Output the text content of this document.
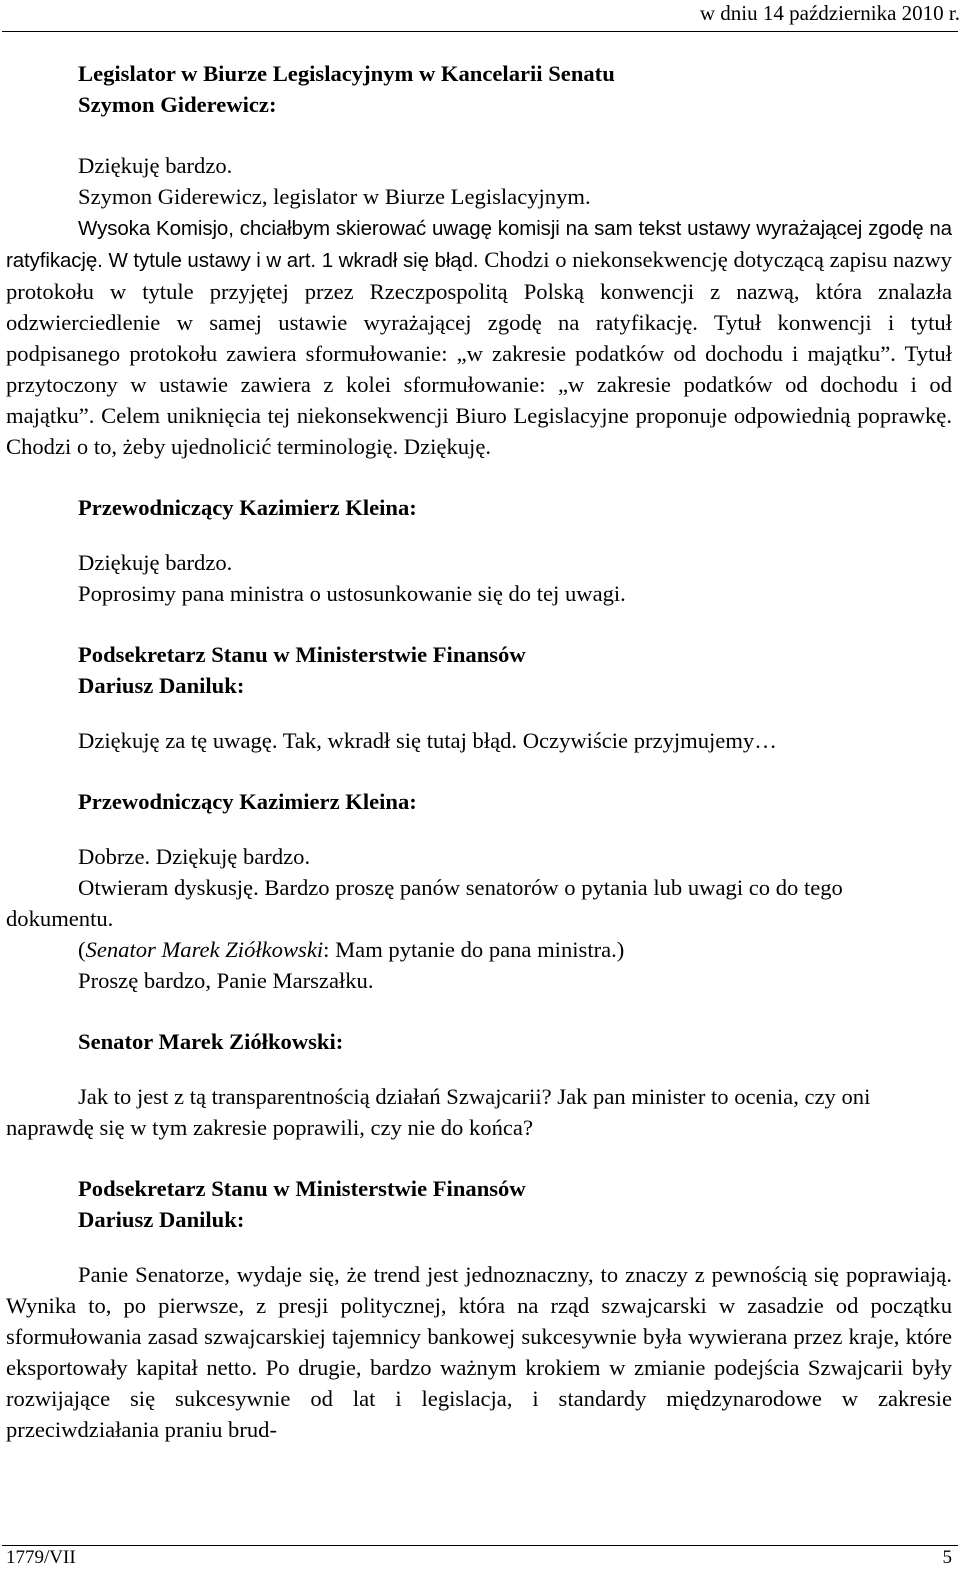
w dniu 14 października 2010 r.
Legislator w Biurze Legislacyjnym w Kancelarii Senatu
Szymon Giderewicz:

Dziękuję bardzo.

Szymon Giderewicz, legislator w Biurze Legislacyjnym.

Wysoka Komisjo, chciałbym skierować uwagę komisji na sam tekst ustawy wyrażającej zgodę na ratyfikację. W tytule ustawy i w art. 1 wkradł się błąd. Chodzi o niekonsekwencję dotyczącą zapisu nazwy protokołu w tytule przyjętej przez Rzeczpospolitą Polską konwencji z nazwą, która znalazła odzwierciedlenie w samej ustawie wyrażającej zgodę na ratyfikację. Tytuł konwencji i tytuł podpisanego protokołu zawiera sformułowanie: „w zakresie podatków od dochodu i majątku”. Tytuł przytoczony w ustawie zawiera z kolei sformułowanie: „w zakresie podatków od dochodu i od majątku”. Celem uniknięcia tej niekonsekwencji Biuro Legislacyjne proponuje odpowiednią poprawkę. Chodzi o to, żeby ujednolicić terminologię. Dziękuję.

Przewodniczący Kazimierz Kleina:

Dziękuję bardzo.

Poprosimy pana ministra o ustosunkowanie się do tej uwagi.

Podsekretarz Stanu w Ministerstwie Finansów
Dariusz Daniluk:

Dziękuję za tę uwagę. Tak, wkradł się tutaj błąd. Oczywiście przyjmujemy…

Przewodniczący Kazimierz Kleina:

Dobrze. Dziękuję bardzo.

Otwieram dyskusję. Bardzo proszę panów senatorów o pytania lub uwagi co do tego dokumentu.

(Senator Marek Ziółkowski: Mam pytanie do pana ministra.)

Proszę bardzo, Panie Marszałku.

Senator Marek Ziółkowski:

Jak to jest z tą transparentnością działań Szwajcarii? Jak pan minister to ocenia, czy oni naprawdę się w tym zakresie poprawili, czy nie do końca?

Podsekretarz Stanu w Ministerstwie Finansów
Dariusz Daniluk:

Panie Senatorze, wydaje się, że trend jest jednoznaczny, to znaczy z pewnością się poprawiają. Wynika to, po pierwsze, z presji politycznej, która na rząd szwajcarski w zasadzie od początku sformułowania zasad szwajcarskiej tajemnicy bankowej sukcesywnie była wywierana przez kraje, które eksportowały kapitał netto. Po drugie, bardzo ważnym krokiem w zmianie podejścia Szwajcarii były rozwijające się sukcesywnie od lat i legislacja, i standardy międzynarodowe w zakresie przeciwdziałania praniu brud-

1779/VII	5
